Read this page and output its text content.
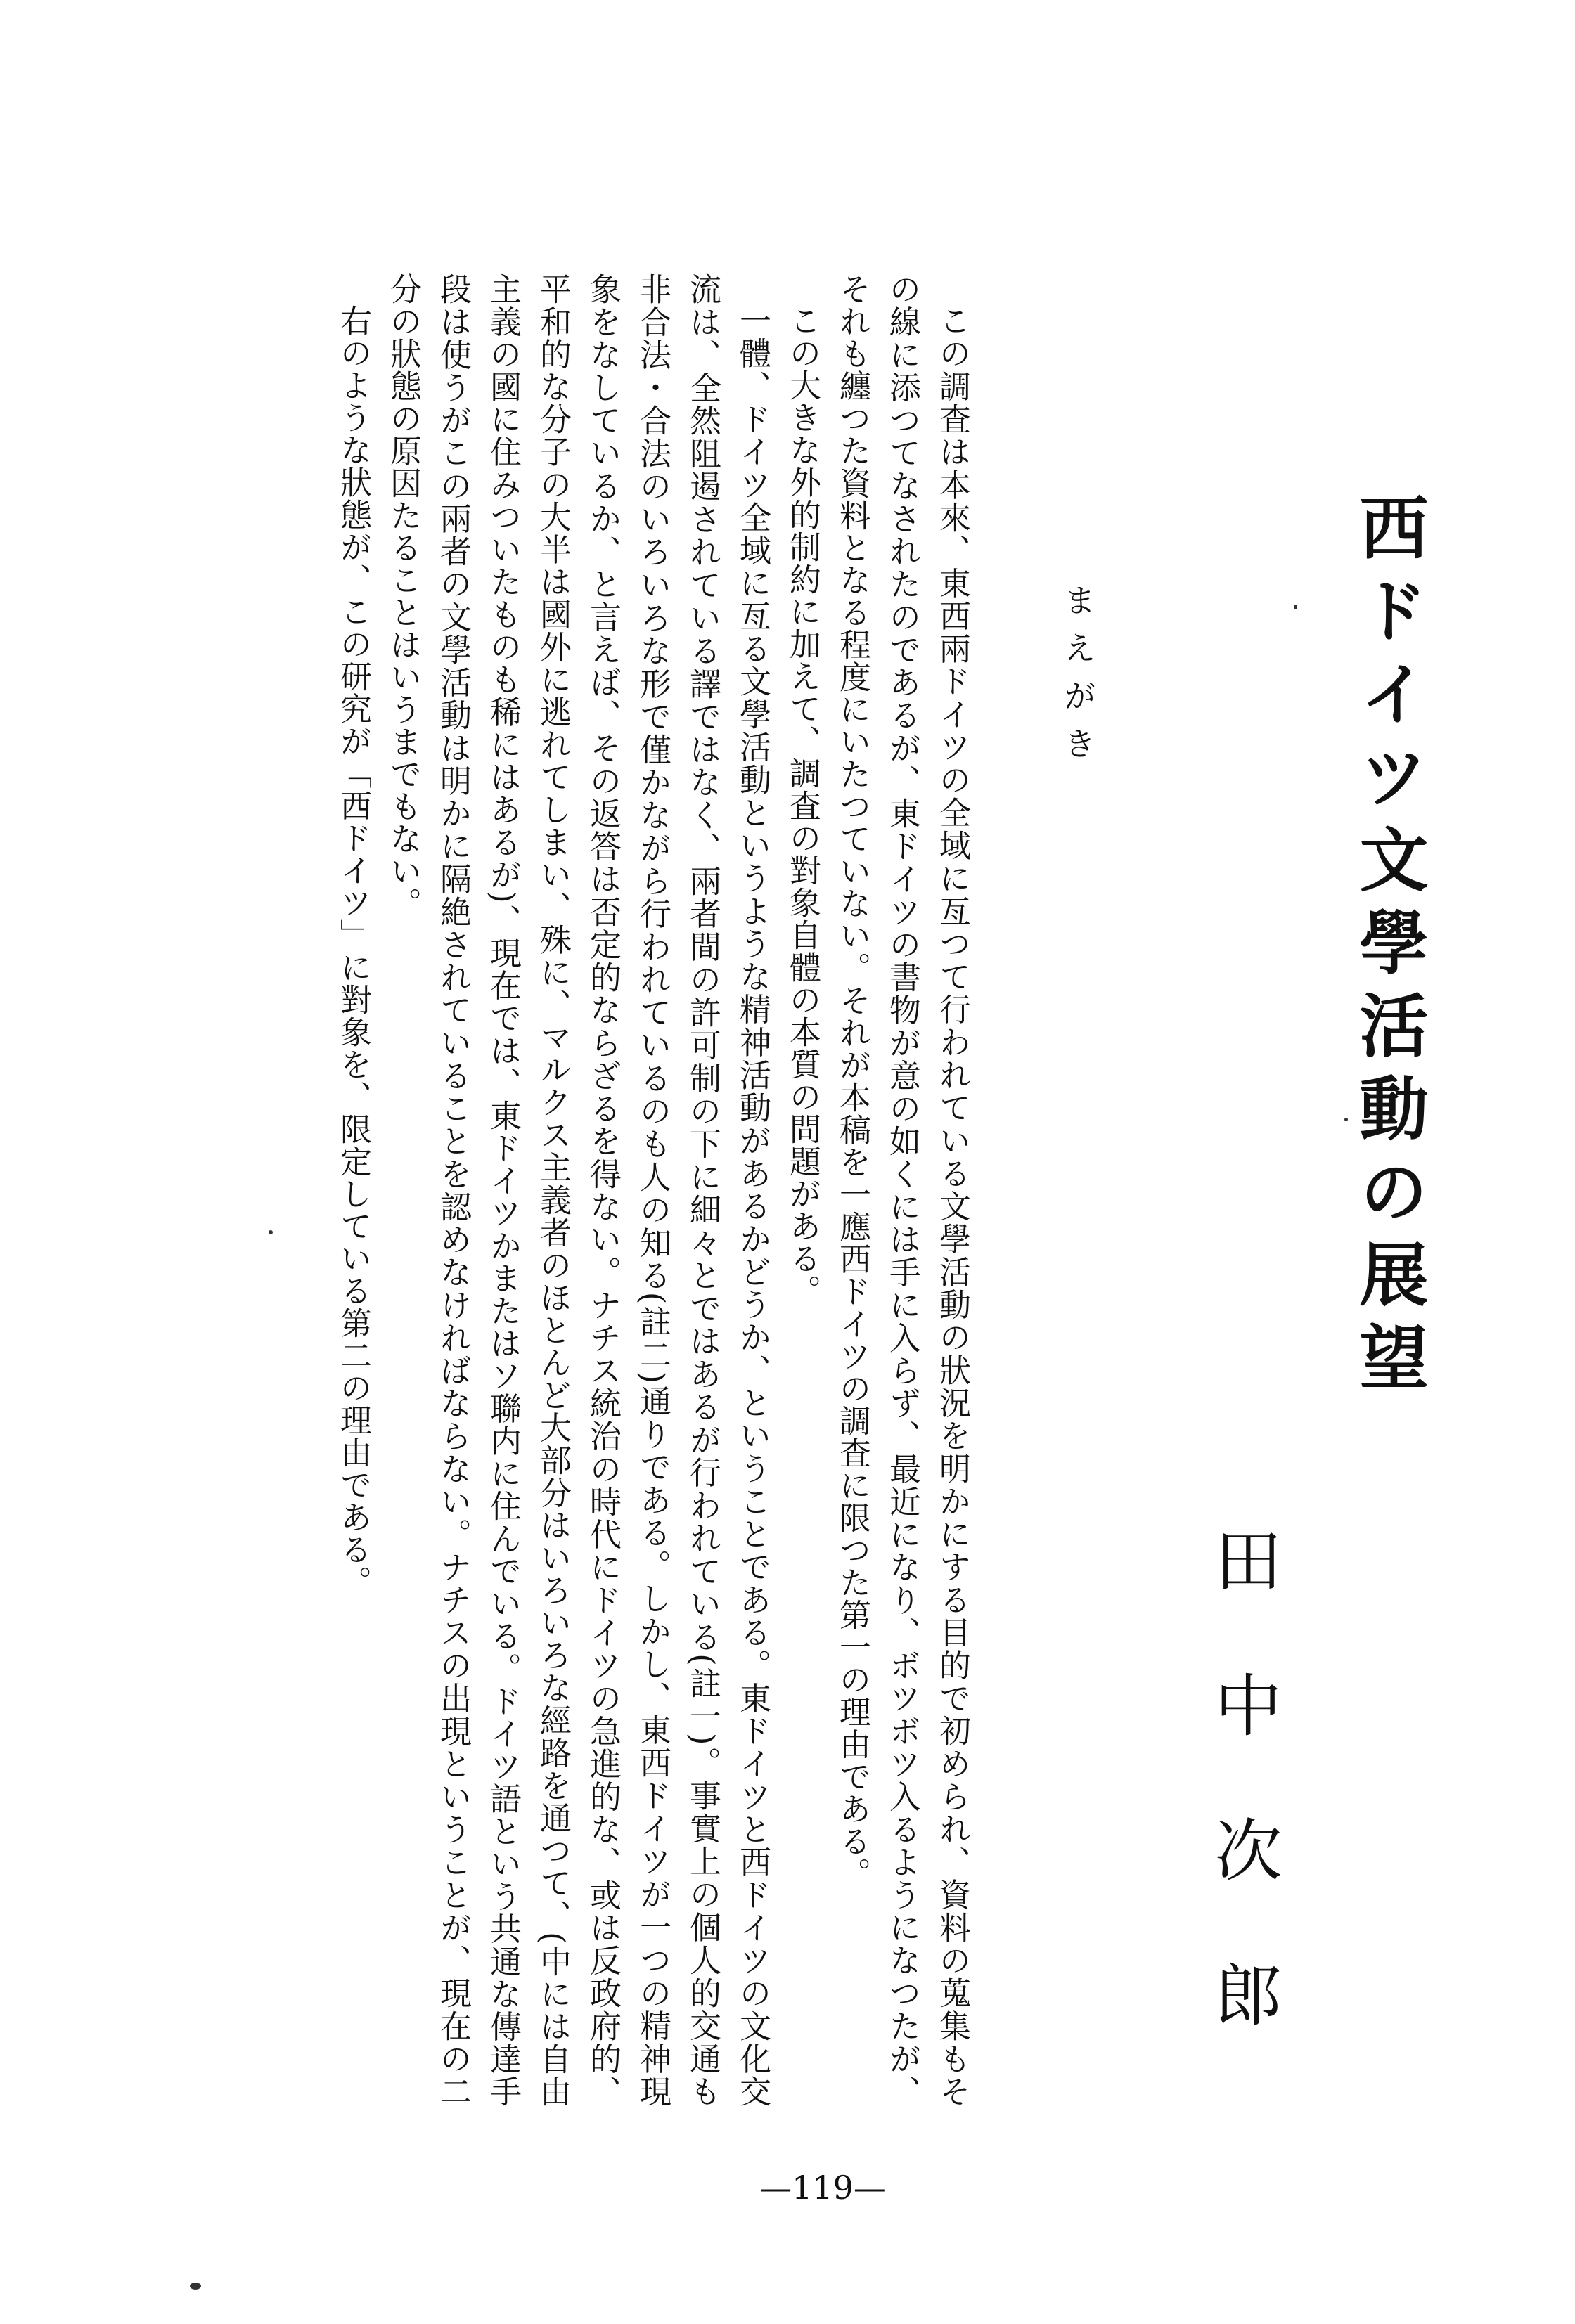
西ドイツ文學活動の展望
田中次郎
まえがき

この調査は本來、東西兩ドイツの全域に亙つて行われている文學活動の狀況を明かにする目的で初められ、資料の蒐集もその線に添つてなされたのであるが、東ドイツの書物が意の如くには手に入らず、最近になり、ボツボツ入るようになつたが、それも纏つた資料となる程度にいたつていない。それが本稿を一應西ドイツの調査に限つた第一の理由である。

この大きな外的制約に加えて、調査の對象自體の本質の問題がある。

一體、ドイツ全域に亙る文學活動というような精神活動があるかどうか、ということである。東ドイツと西ドイツの文化交流は、全然阻遏されている譯ではなく、兩者間の許可制の下に細々とではあるが行われている(註一)。事實上の個人的交通も非合法・合法のいろいろな形で僅かながら行われているのも人の知る(註二)通りである。しかし、東西ドイツが一つの精神現象をなしているか、と言えば、その返答は否定的ならざるを得ない。ナチス統治の時代にドイツの急進的な、或は反政府的、平和的な分子の大半は國外に逃れてしまい、殊に、マルクス主義者のほとんど大部分はいろいろな經路を通つて、(中には自由主義の國に住みついたものも稀にはあるが)、現在では、東ドイツかまたはソ聯内に住んでいる。ドイツ語という共通な傳達手段は使うがこの兩者の文學活動は明かに隔絶されていることを認めなければならない。ナチスの出現ということが、現在の二分の狀態の原因たることはいうまでもない。

右のような狀態が、この研究が「西ドイツ」に對象を、限定している第二の理由である。

—119—
